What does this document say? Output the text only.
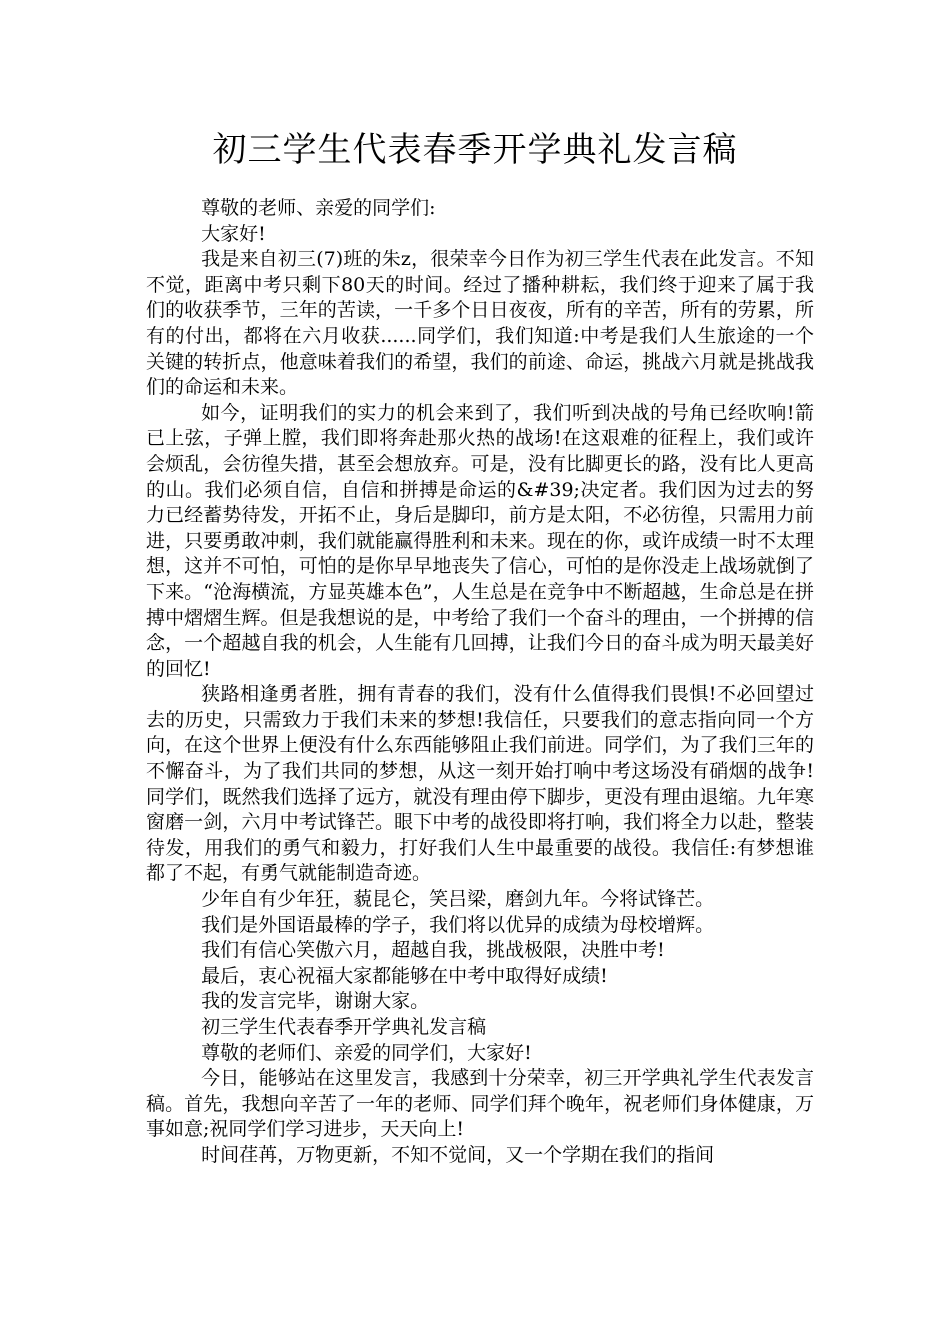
初三学生代表春季开学典礼发言稿

尊敬的老师、亲爱的同学们:

大家好!

我是来自初三(7)班的朱z，很荣幸今日作为初三学生代表在此发言。不知不觉，距离中考只剩下80天的时间。经过了播种耕耘，我们终于迎来了属于我们的收获季节，三年的苦读，一千多个日日夜夜，所有的辛苦，所有的劳累，所有的付出，都将在六月收获......同学们，我们知道:中考是我们人生旅途的一个关键的转折点，他意味着我们的希望，我们的前途、命运，挑战六月就是挑战我们的命运和未来。

如今，证明我们的实力的机会来到了，我们听到决战的号角已经吹响!箭已上弦，子弹上膛，我们即将奔赴那火热的战场!在这艰难的征程上，我们或许会烦乱，会彷徨失措，甚至会想放弃。可是，没有比脚更长的路，没有比人更高的山。我们必须自信，自信和拼搏是命运的&#39;决定者。我们因为过去的努力已经蓄势待发，开拓不止，身后是脚印，前方是太阳，不必彷徨，只需用力前进，只要勇敢冲刺，我们就能赢得胜利和未来。现在的你，或许成绩一时不太理想，这并不可怕，可怕的是你早早地丧失了信心，可怕的是你没走上战场就倒了下来。“沧海横流，方显英雄本色”，人生总是在竞争中不断超越，生命总是在拼搏中熠熠生辉。但是我想说的是，中考给了我们一个奋斗的理由，一个拼搏的信念，一个超越自我的机会，人生能有几回搏，让我们今日的奋斗成为明天最美好的回忆!

狭路相逢勇者胜，拥有青春的我们，没有什么值得我们畏惧!不必回望过去的历史，只需致力于我们未来的梦想!我信任，只要我们的意志指向同一个方向，在这个世界上便没有什么东西能够阻止我们前进。同学们，为了我们三年的不懈奋斗，为了我们共同的梦想，从这一刻开始打响中考这场没有硝烟的战争!同学们，既然我们选择了远方，就没有理由停下脚步，更没有理由退缩。九年寒窗磨一剑，六月中考试锋芒。眼下中考的战役即将打响，我们将全力以赴，整装待发，用我们的勇气和毅力，打好我们人生中最重要的战役。我信任:有梦想谁都了不起，有勇气就能制造奇迹。

少年自有少年狂，藐昆仑，笑吕梁，磨剑九年。今将试锋芒。

我们是外国语最棒的学子，我们将以优异的成绩为母校增辉。

我们有信心笑傲六月，超越自我，挑战极限，决胜中考!

最后，衷心祝福大家都能够在中考中取得好成绩!

我的发言完毕，谢谢大家。

初三学生代表春季开学典礼发言稿

尊敬的老师们、亲爱的同学们，大家好!

今日，能够站在这里发言，我感到十分荣幸，初三开学典礼学生代表发言稿。首先，我想向辛苦了一年的老师、同学们拜个晚年，祝老师们身体健康，万事如意;祝同学们学习进步，天天向上!

时间荏苒，万物更新，不知不觉间，又一个学期在我们的指间
